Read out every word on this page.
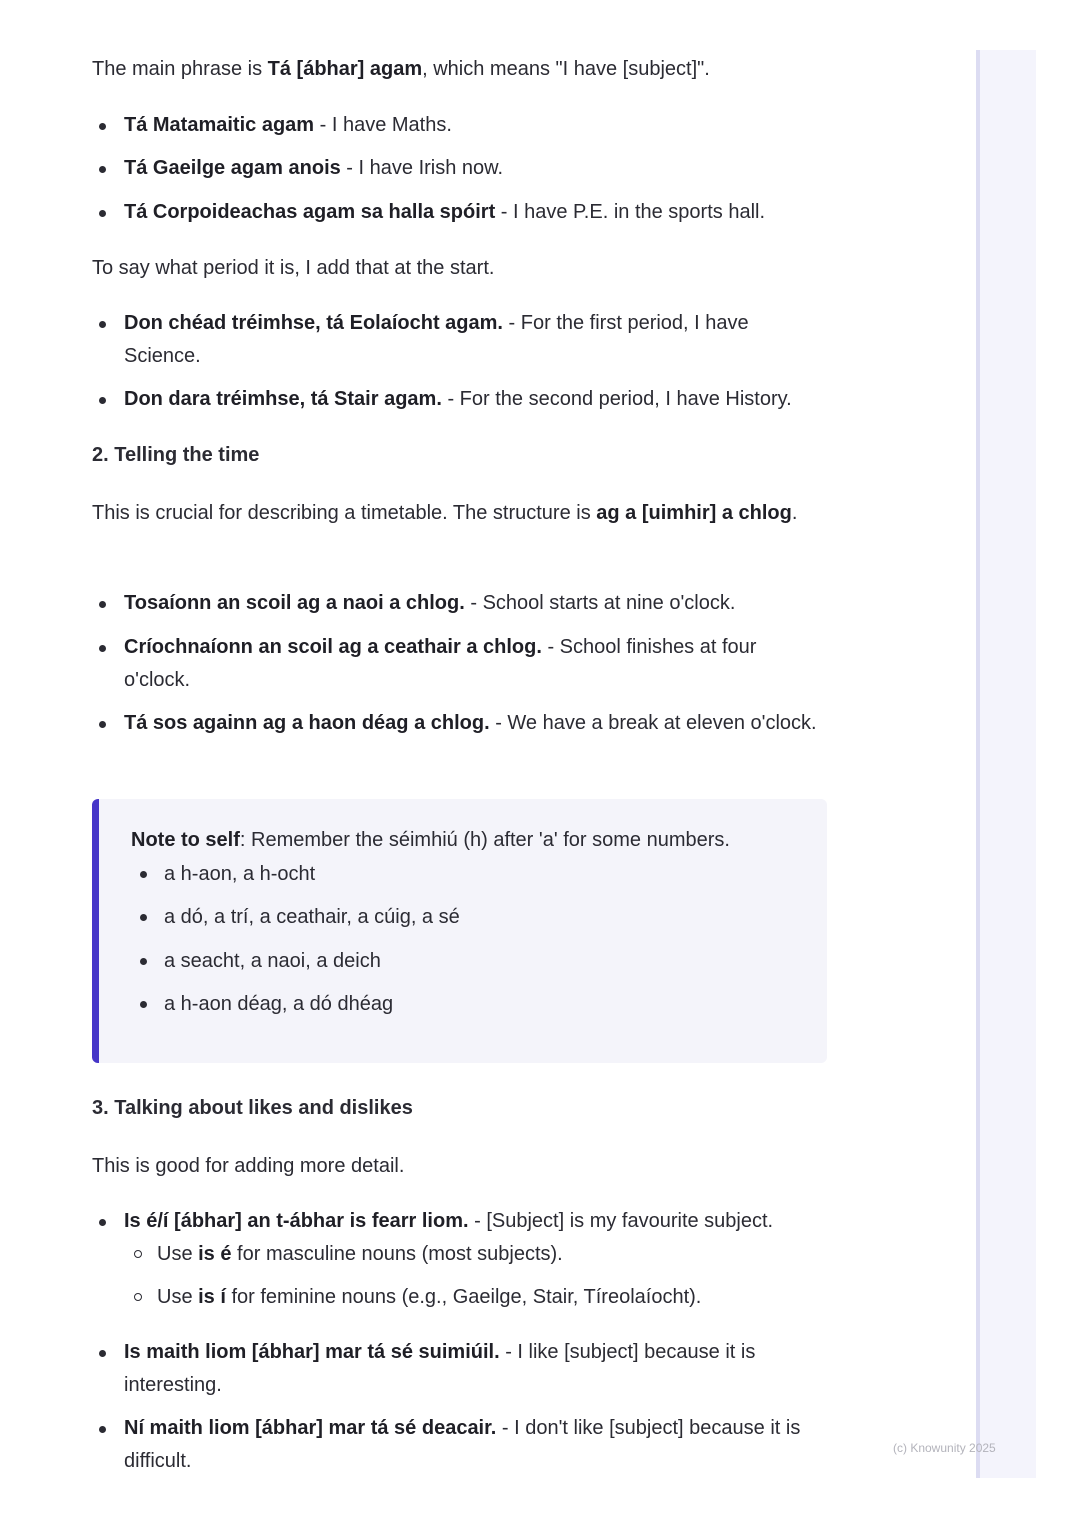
(c) Knowunity 2025
The main phrase is Tá [ábhar] agam, which means "I have [subject]".
Tá Matamaitic agam - I have Maths.
Tá Gaeilge agam anois - I have Irish now.
Tá Corpoideachas agam sa halla spóirt - I have P.E. in the sports hall.
To say what period it is, I add that at the start.
Don chéad tréimhse, tá Eolaíocht agam. - For the first period, I have Science.
Don dara tréimhse, tá Stair agam. - For the second period, I have History.
2. Telling the time
This is crucial for describing a timetable. The structure is ag a [uimhir] a chlog.
Tosaíonn an scoil ag a naoi a chlog. - School starts at nine o'clock.
Críochnaíonn an scoil ag a ceathair a chlog. - School finishes at four o'clock.
Tá sos againn ag a haon déag a chlog. - We have a break at eleven o'clock.
3. Talking about likes and dislikes
This is good for adding more detail.
Is é/í [ábhar] an t-ábhar is fearr liom. - [Subject] is my favourite subject.
Use is é for masculine nouns (most subjects).
Use is í for feminine nouns (e.g., Gaeilge, Stair, Tíreolaíocht).
Is maith liom [ábhar] mar tá sé suimiúil. - I like [subject] because it is interesting.
Ní maith liom [ábhar] mar tá sé deacair. - I don't like [subject] because it is difficult.
Note to self: Remember the séimhiú (h) after 'a' for some numbers.
a h-aon, a h-ocht
a dó, a trí, a ceathair, a cúig, a sé
a seacht, a naoi, a deich
a h-aon déag, a dó dhéag
